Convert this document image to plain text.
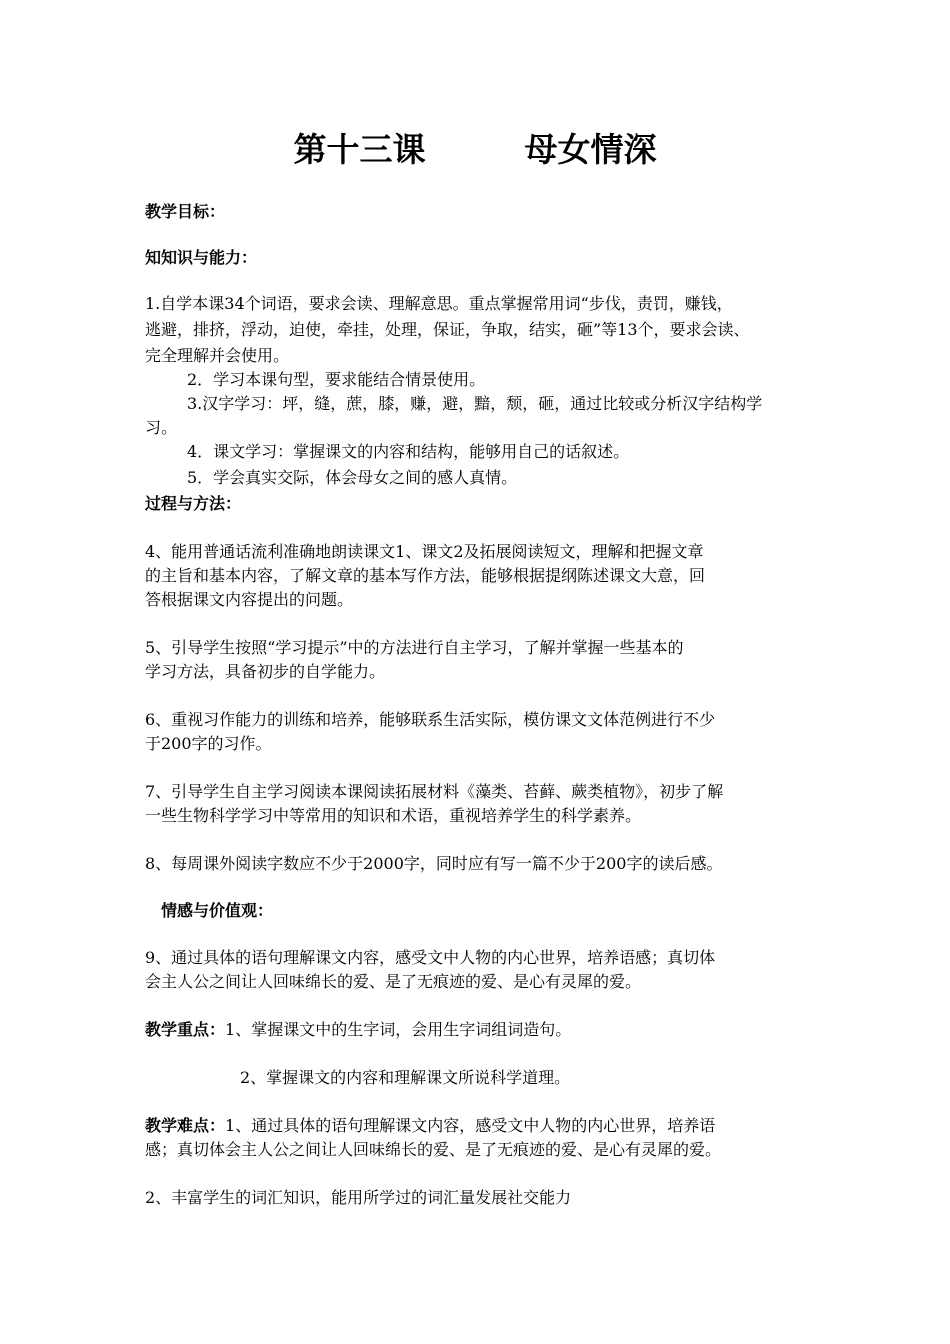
第十三课　　　母女情深
教学目标：
知知识与能力：
1.自学本课34个词语，要求会读、理解意思。重点掌握常用词“步伐，责罚，赚钱，
逃避，排挤，浮动，迫使，牵挂，处理，保证，争取，结实，砸”等13个，要求会读、
完全理解并会使用。
2．学习本课句型，要求能结合情景使用。
3.汉字学习：坪，缝，蔗，膝，赚，避，黯，颓，砸，通过比较或分析汉字结构学
习。
4．课文学习：掌握课文的内容和结构，能够用自己的话叙述。
5．学会真实交际，体会母女之间的感人真情。
过程与方法：
4、能用普通话流利准确地朗读课文1、课文2及拓展阅读短文，理解和把握文章
的主旨和基本内容，了解文章的基本写作方法，能够根据提纲陈述课文大意，回
答根据课文内容提出的问题。
5、引导学生按照“学习提示”中的方法进行自主学习，了解并掌握一些基本的
学习方法，具备初步的自学能力。
6、重视习作能力的训练和培养，能够联系生活实际，模仿课文文体范例进行不少
于200字的习作。
7、引导学生自主学习阅读本课阅读拓展材料《藻类、苔藓、蕨类植物》，初步了解
一些生物科学学习中等常用的知识和术语，重视培养学生的科学素养。
8、每周课外阅读字数应不少于2000字，同时应有写一篇不少于200字的读后感。
情感与价值观：
9、通过具体的语句理解课文内容，感受文中人物的内心世界，培养语感；真切体
会主人公之间让人回味绵长的爱、是了无痕迹的爱、是心有灵犀的爱。
教学重点：1、掌握课文中的生字词，会用生字词组词造句。
2、掌握课文的内容和理解课文所说科学道理。
教学难点：1、通过具体的语句理解课文内容，感受文中人物的内心世界，培养语
感；真切体会主人公之间让人回味绵长的爱、是了无痕迹的爱、是心有灵犀的爱。
2、丰富学生的词汇知识，能用所学过的词汇量发展社交能力
